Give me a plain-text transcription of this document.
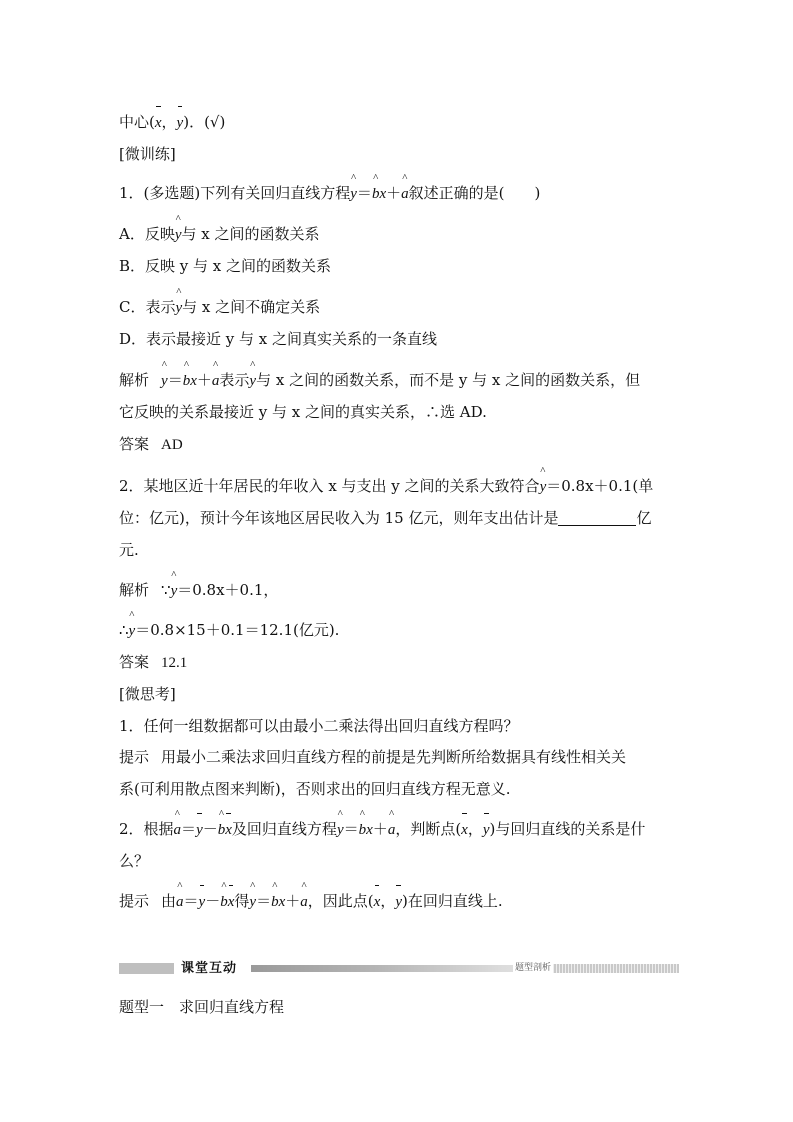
中心(x，y)．(√)
[微训练]
1．(多选题)下列有关回归直线方程^ y＝^ bx＋^ a叙述正确的是(　　)
A．反映^ y与 x 之间的函数关系
B．反映 y 与 x 之间的函数关系
C．表示^ y与 x 之间不确定关系
D．表示最接近 y 与 x 之间真实关系的一条直线
解析^ y＝^ bx＋^ a表示^ y与 x 之间的函数关系，而不是 y 与 x 之间的函数关系，但
它反映的关系最接近 y 与 x 之间的真实关系，∴选 AD.
答案 AD
2．某地区近十年居民的年收入 x 与支出 y 之间的关系大致符合^ y＝0.8x＋0.1(单
位：亿元)，预计今年该地区居民收入为 15 亿元，则年支出估计是	亿
元.
解析 ∵^ y＝0.8x＋0.1，
∴^ y＝0.8×15＋0.1＝12.1(亿元).
答案 12.1
[微思考]
1．任何一组数据都可以由最小二乘法得出回归直线方程吗？
提示 用最小二乘法求回归直线方程的前提是先判断所给数据具有线性相关关
系(可利用散点图来判断)，否则求出的回归直线方程无意义.
2．根据^ a＝y－^ bx及回归直线方程^ y＝^ bx＋^ a，判断点(x，y)与回归直线的关系是什
么？
提示 由^ a＝y－^ bx得^ y＝^ bx＋^ a，因此点(x，y)在回归直线上.
课堂互动	题型剖析
题型一　求回归直线方程
